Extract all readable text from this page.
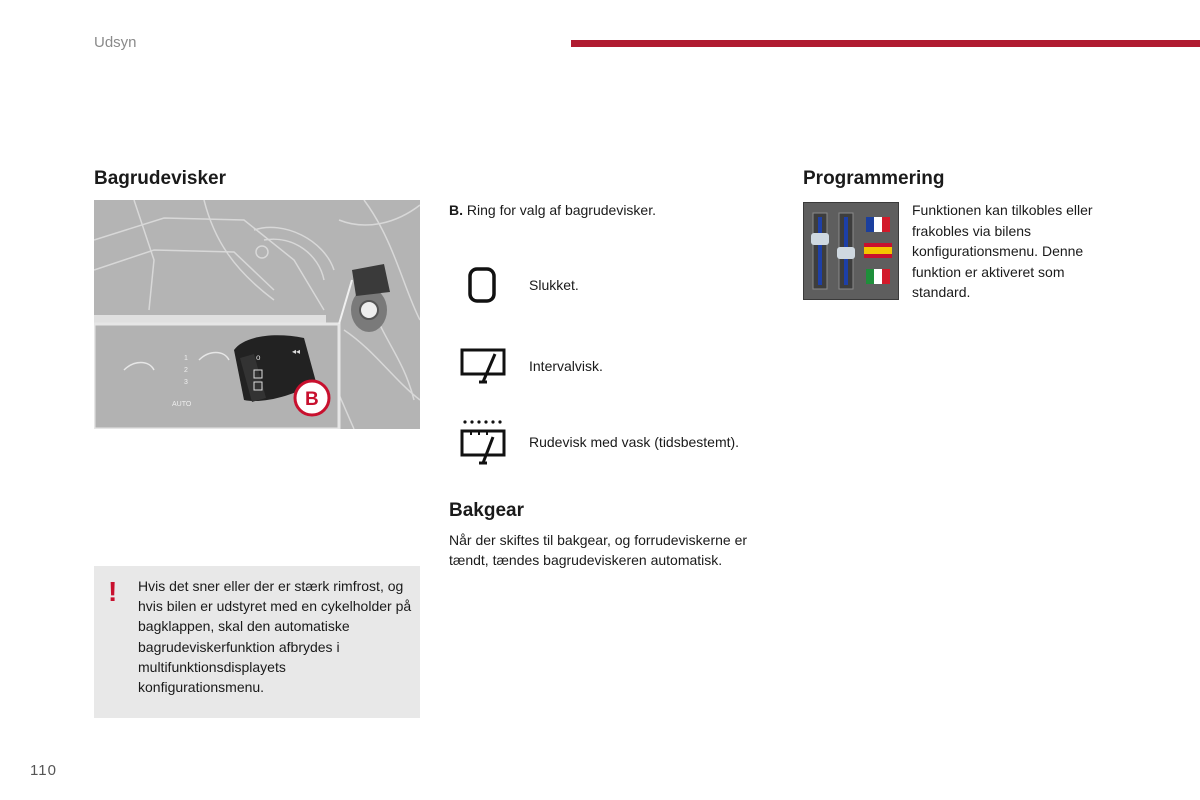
Udsyn
Bagrudevisker
1
2
3
AUTO
o
◂◂
B
B. Ring for valg af bagrudevisker.
Slukket.
Intervalvisk.
Rudevisk med vask (tidsbestemt).
Bakgear
Når der skiftes til bakgear, og forrudeviskerne er tændt, tændes bagrudeviskeren automatisk.
Programmering
Funktionen kan tilkobles eller frakobles via bilens konfigurationsmenu. Denne funktion er aktiveret som standard.
! Hvis det sner eller der er stærk rimfrost, og hvis bilen er udstyret med en cykelholder på bagklappen, skal den automatiske bagrudeviskerfunktion afbrydes i multifunktionsdisplayets konfigurationsmenu.
110
